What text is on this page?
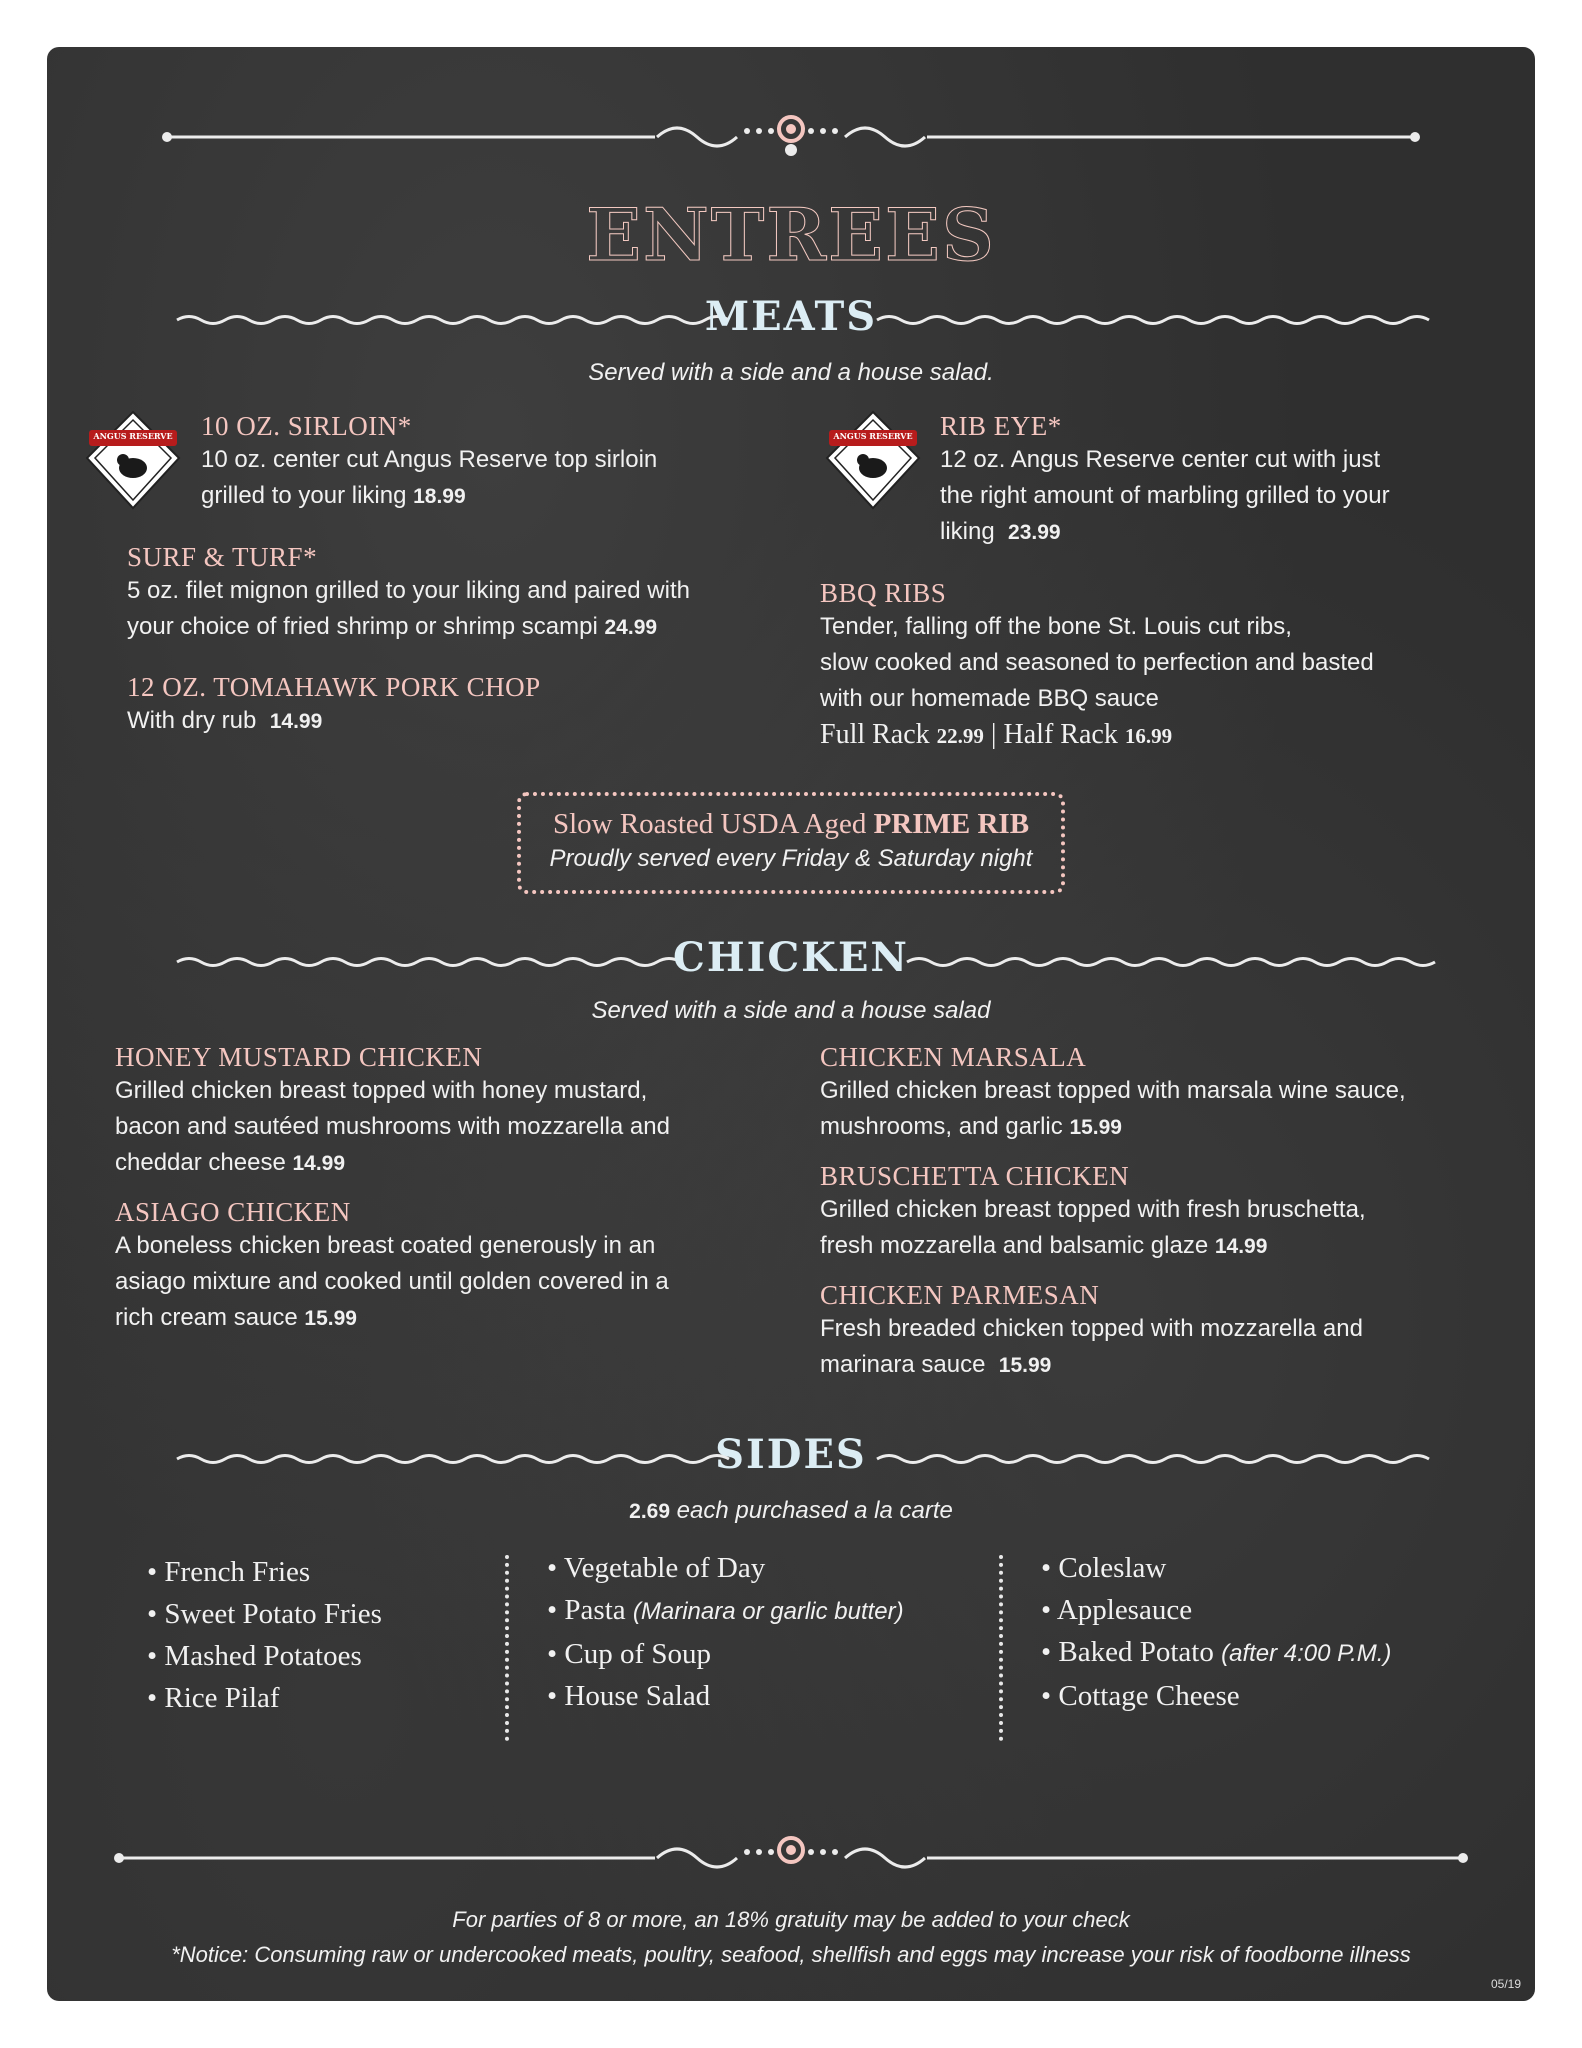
ENTREES
MEATS
Served with a side and a house salad.
ANGUS RESERVE	ANGUS RESERVE
10 OZ. SIRLOIN*
10 oz. center cut Angus Reserve top sirloin
grilled to your liking 18.99
SURF & TURF*
5 oz. filet mignon grilled to your liking and paired with
your choice of fried shrimp or shrimp scampi 24.99
12 OZ. TOMAHAWK PORK CHOP
With dry rub 14.99
RIB EYE*
12 oz. Angus Reserve center cut with just
the right amount of marbling grilled to your
liking 23.99
BBQ RIBS
Tender, falling off the bone St. Louis cut ribs,
slow cooked and seasoned to perfection and basted
with our homemade BBQ sauce
Full Rack 22.99 | Half Rack 16.99
Slow Roasted USDA Aged PRIME RIB
Proudly served every Friday & Saturday night
CHICKEN
Served with a side and a house salad
HONEY MUSTARD CHICKEN
Grilled chicken breast topped with honey mustard,
bacon and sautéed mushrooms with mozzarella and
cheddar cheese 14.99
ASIAGO CHICKEN
A boneless chicken breast coated generously in an
asiago mixture and cooked until golden covered in a
rich cream sauce 15.99
CHICKEN MARSALA
Grilled chicken breast topped with marsala wine sauce,
mushrooms, and garlic 15.99
BRUSCHETTA CHICKEN
Grilled chicken breast topped with fresh bruschetta,
fresh mozzarella and balsamic glaze 14.99
CHICKEN PARMESAN
Fresh breaded chicken topped with mozzarella and
marinara sauce 15.99
SIDES
2.69 each purchased a la carte
• French Fries
• Sweet Potato Fries
• Mashed Potatoes
• Rice Pilaf
• Vegetable of Day
• Pasta (Marinara or garlic butter)
• Cup of Soup
• House Salad
• Coleslaw
• Applesauce
• Baked Potato (after 4:00 P.M.)
• Cottage Cheese
For parties of 8 or more, an 18% gratuity may be added to your check
*Notice: Consuming raw or undercooked meats, poultry, seafood, shellfish and eggs may increase your risk of foodborne illness
05/19
